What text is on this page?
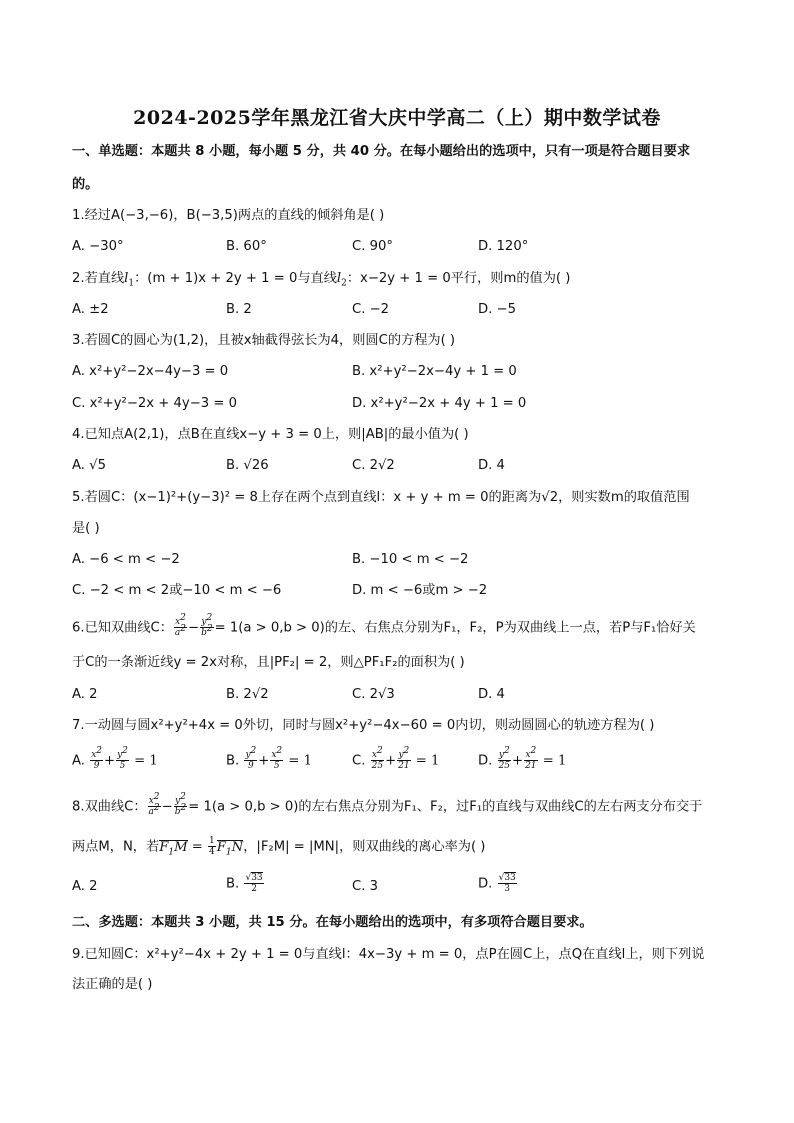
2024-2025学年黑龙江省大庆中学高二（上）期中数学试卷
一、单选题：本题共 8 小题，每小题 5 分，共 40 分。在每小题给出的选项中，只有一项是符合题目要求
的。
1.经过A(−3,−6)，B(−3,5)两点的直线的倾斜角是( )
A. −30°	B. 60°	C. 90°	D. 120°
2.若直线$l_1$：(m + 1)x + 2y + 1 = 0与直线$l_2$：x−2y + 1 = 0平行，则m的值为( )
A. ±2	B. 2	C. −2	D. −5
3.若圆C的圆心为(1,2)，且被x轴截得弦长为4，则圆C的方程为( )
A. x²+y²−2x−4y−3 = 0	B. x²+y²−2x−4y + 1 = 0
C. x²+y²−2x + 4y−3 = 0	D. x²+y²−2x + 4y + 1 = 0
4.已知点A(2,1)，点B在直线x−y + 3 = 0上，则|AB|的最小值为( )
A. √5	B. √26	C. 2√2	D. 4
5.若圆C：(x−1)²+(y−3)² = 8上存在两个点到直线l：x + y + m = 0的距离为√2，则实数m的取值范围
是( )
A. −6 < m < −2	B. −10 < m < −2
C. −2 < m < 2或−10 < m < −6	D. m < −6或m > −2
6.已知双曲线C： $\frac{x^2}{a^2} - \frac{y^2}{b^2} = 1(a > 0,b > 0)$的左、右焦点分别为F₁，F₂，P为双曲线上一点，若P与F₁恰好关
于C的一条渐近线y = 2x对称，且|PF₂| = 2，则△PF₁F₂的面积为( )
A. 2	B. 2√2	C. 2√3	D. 4
7.一动圆与圆x²+y²+4x = 0外切，同时与圆x²+y²−4x−60 = 0内切，则动圆圆心的轨迹方程为( )
A. $\frac{x^2}{9} + \frac{y^2}{5} = 1$	B. $\frac{y^2}{9} + \frac{x^2}{5} = 1$	C. $\frac{x^2}{25} + \frac{y^2}{21} = 1$	D. $\frac{y^2}{25} + \frac{x^2}{21} = 1$
8.双曲线C： $\frac{x^2}{a^2} - \frac{y^2}{b^2} = 1(a > 0,b > 0)$的左右焦点分别为F₁、F₂，过F₁的直线与双曲线C的左右两支分布交于
两点M，N，若$F_1M = \frac{1}{4} F_1N$，|F₂M| = |MN|，则双曲线的离心率为( )
A. 2	B. $\frac{√33}{2}$	C. 3	D. $\frac{√33}{3}$
二、多选题：本题共 3 小题，共 15 分。在每小题给出的选项中，有多项符合题目要求。
9.已知圆C：x²+y²−4x + 2y + 1 = 0与直线l：4x−3y + m = 0，点P在圆C上，点Q在直线l上，则下列说
法正确的是( )
